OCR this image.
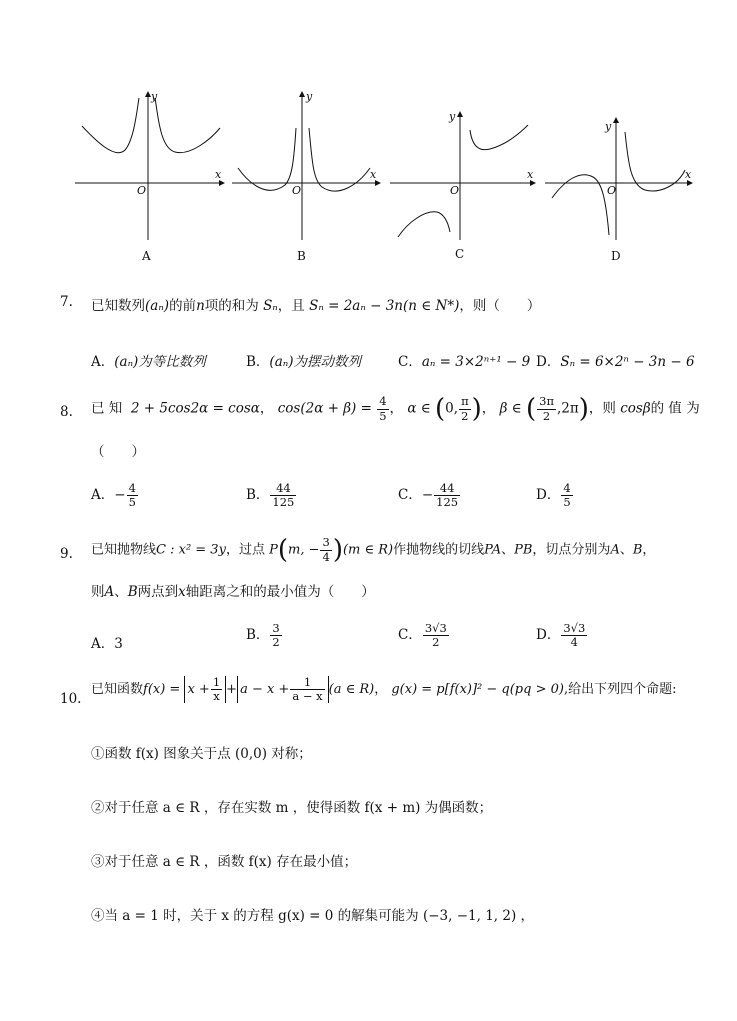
x
y
x
y
x
y
x
y
O	O	O	O
A	B	C	D
7. 已知数列(aₙ)的前n项的和为 Sₙ，且 Sₙ = 2aₙ − 3n(n ∈ N*)，则（　　）
A．(aₙ)为等比数列	B．(aₙ)为摆动数列	C．aₙ = 3×2ⁿ⁺¹ − 9 D．Sₙ = 6×2ⁿ − 3n − 6
8. 已 知 2 + 5cos2α = cosα， $\cos(2\alpha + \beta) = \frac{4}{5}$ ， α ∈ (0, $\frac{\pi}{2}$ )， β ∈ ( $\frac{3\pi}{2} ,2\pi$)，则 cosβ的 值 为
（　　）
A．− $\frac{4}{5}$	B． $\frac{44}{125}$	C．− $\frac{44}{125}$	D． $\frac{4}{5}$
9. 已知抛物线C : x² = 3y，过点 P(m, − $\frac{3}{4} )(m$ ∈ R)作抛物线的切线PA、PB，切点分别为A、B，
则A、B两点到x轴距离之和的最小值为（　　）
A．3
B． $\frac{3}{2}$	C． $\frac{3√3}{2}$	D． $\frac{3√3}{4}$
10.
已知函数$f(x) = x + \frac{1}{x} + a - x + \frac{1}{a - x} (a$ ∈ R)， g(x) = p[f(x)]² − q(pq > 0),给出下列四个命题:
①函数 f(x) 图象关于点 (0,0) 对称；
②对于任意 a ∈ R ，存在实数 m ，使得函数 f(x + m) 为偶函数；
③对于任意 a ∈ R ，函数 f(x) 存在最小值；
④当 a = 1 时，关于 x 的方程 g(x) = 0 的解集可能为 (−3, −1, 1, 2) ，
